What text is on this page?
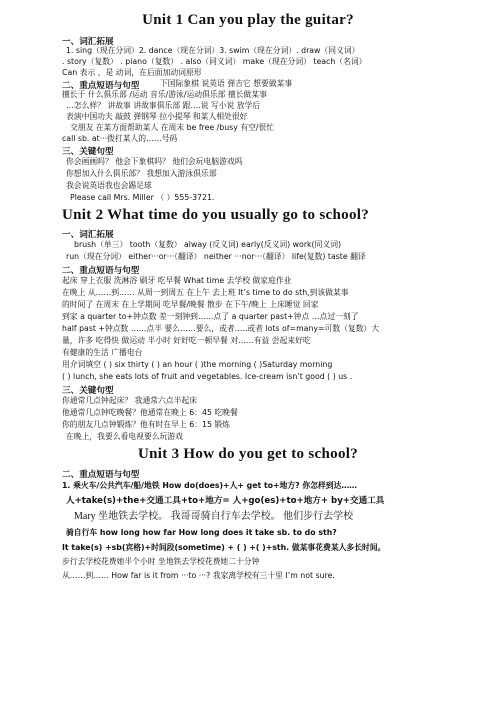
Unit 1 Can you play the guitar?

一、词汇拓展

1. sing（现在分词）2. dance（现在分词）3. swim（现在分词）. draw（同义词）

. story（复数） . piano（复数） . also（同义词） make（现在分词） teach（名词）

Can 表示 ，是 动词，在后面加动词原形

二、重点短语与句型	下国际象棋 说英语 弹吉它 想要做某事

擅长于 什么俱乐部 /运动 音乐/游泳/运动俱乐部 擅长做某事

…怎么样？ 讲故事 讲故事俱乐部 跟….说 写小说 放学后

表演中国功夫 敲鼓 弹钢琴 拉小提琴 和某人相处很好

交朋友 在某方面帮助某人 在周末 be free /busy 有空/很忙

call sb. at···拨打某人的……号码

三、关键句型

你会画画吗？ 他会下象棋吗？ 他们会玩电脑游戏吗

你想加入什么俱乐部？ 我想加入游泳俱乐部

我会说英语我也会踢足球

Please call Mrs. Miller （ ）555-3721.

Unit 2 What time do you usually go to school?

一、词汇拓展

brush（单三） tooth（复数） alway (反义词) early(反义词) work(同义词)

run（现在分词） either···or···（翻译） neither ···nor···（翻译） life(复数) taste 翻译

二、重点短语与句型

起床 穿上衣服 洗淋浴 刷牙 吃早餐 What time 去学校 做家庭作业

在晚上 从……到…… 从周一到周五 在上午 去上班 It’s time to do sth,到该做某事

的时间了 在周末 在上学期间 吃早餐/晚餐 散步 在下午/晚上 上床睡觉 回家

到家 a quarter to+钟点数 差一刻钟到……点了 a quarter past+钟点 …点过一刻了

half past +钟点数 ……点半 要么……要么，或者…..或者 lots of=many=可数（复数）大

量，许多 吃得快 做运动 半小时 好好吃一顿早餐 对……有益 尝起来好吃

有健康的生活 广播电台

用介词填空 ( ) six thirty ( ) an hour ( )the morning ( )Saturday morning

( ) lunch, she eats lots of fruit and vegetables. Ice-cream isn’t good ( ) us .

三、关键句型

你通常几点钟起床？ 我通常六点半起床

他通常几点钟吃晚餐？他通常在晚上 6：45 吃晚餐

你的朋友几点钟锻炼？他有时在早上 6：15 锻炼

在晚上，我要么看电视要么玩游戏

Unit 3 How do you get to school?

二、重点短语与句型

1. 乘火车/公共汽车/船/地铁 How do(does)+人+ get to+地方? 你怎样到达……

人+take(s)+the+交通工具+to+地方= 人+go(es)+to+地方+ by+交通工具

Mary 坐地铁去学校。 我哥哥骑自行车去学校。 他们步行去学校

骑自行车 how long how far How long does it take sb. to do sth?

It take(s) +sb(宾格)+时间段(sometime) + ( ) +( )+sth. 做某事花费某人多长时间。

步行去学校花费她半个小时 坐地铁去学校花费她二十分钟

从……到…… How far is it from ···to ···? 我家离学校有三十里 I’m not sure.
